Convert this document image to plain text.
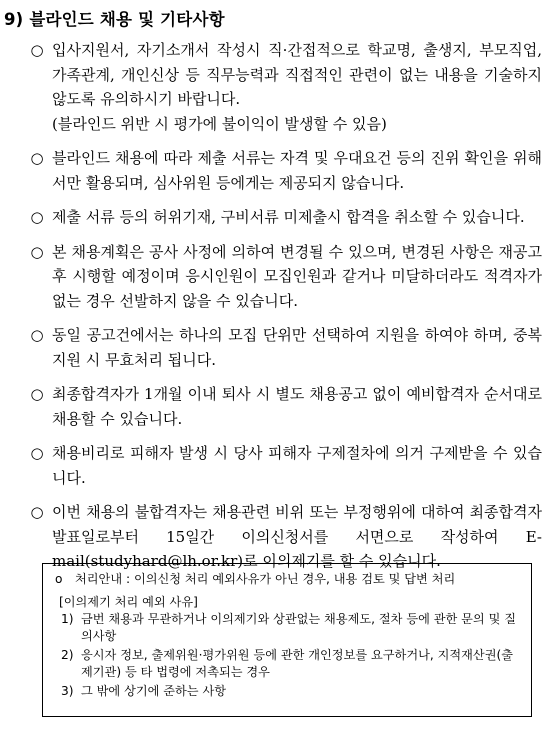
9) 블라인드 채용 및 기타사항
○ 입사지원서, 자기소개서 작성시 직·간접적으로 학교명, 출생지, 부모직업, 가족관계, 개인신상 등 직무능력과 직접적인 관련이 없는 내용을 기술하지 않도록 유의하시기 바랍니다.
(블라인드 위반 시 평가에 불이익이 발생할 수 있음)
○ 블라인드 채용에 따라 제출 서류는 자격 및 우대요건 등의 진위 확인을 위해서만 활용되며, 심사위원 등에게는 제공되지 않습니다.
○ 제출 서류 등의 허위기재, 구비서류 미제출시 합격을 취소할 수 있습니다.
○ 본 채용계획은 공사 사정에 의하여 변경될 수 있으며, 변경된 사항은 재공고후 시행할 예정이며 응시인원이 모집인원과 같거나 미달하더라도 적격자가 없는 경우 선발하지 않을 수 있습니다.
○ 동일 공고건에서는 하나의 모집 단위만 선택하여 지원을 하여야 하며, 중복지원 시 무효처리 됩니다.
○ 최종합격자가 1개월 이내 퇴사 시 별도 채용공고 없이 예비합격자 순서대로 채용할 수 있습니다.
○ 채용비리로 피해자 발생 시 당사 피해자 구제절차에 의거 구제받을 수 있습니다.
○ 이번 채용의 불합격자는 채용관련 비위 또는 부정행위에 대하여 최종합격자 발표일로부터 15일간 이의신청서를 서면으로 작성하여 E-mail(studyhard@lh.or.kr)로 이의제기를 할 수 있습니다.
o 처리안내 : 이의신청 처리 예외사유가 아닌 경우, 내용 검토 및 답변 처리
[이의제기 처리 예외 사유]
1) 금번 채용과 무관하거나 이의제기와 상관없는 채용제도, 절차 등에 관한 문의 및 질의사항
2) 응시자 정보, 출제위원·평가위원 등에 관한 개인정보를 요구하거나, 지적재산권(출제기관) 등 타 법령에 저촉되는 경우
3) 그 밖에 상기에 준하는 사항
